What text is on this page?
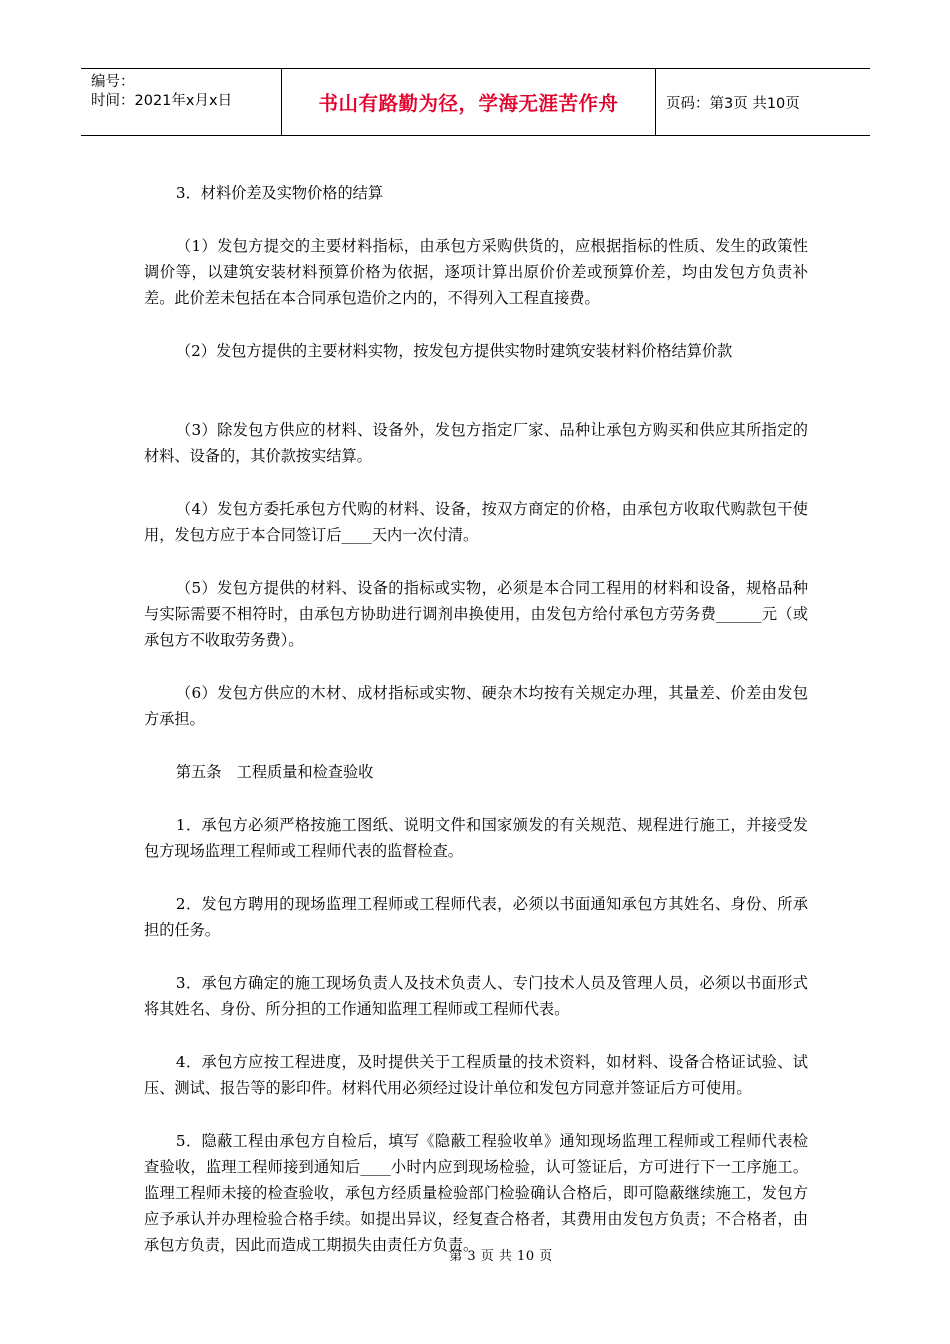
编号：
时间：2021年x月x日	书山有路勤为径，学海无涯苦作舟	页码：第3页 共10页

3．材料价差及实物价格的结算

（1）发包方提交的主要材料指标，由承包方采购供货的，应根据指标的性质、发生的政策性调价等，以建筑安装材料预算价格为依据，逐项计算出原价价差或预算价差，均由发包方负责补差。此价差未包括在本合同承包造价之内的，不得列入工程直接费。

（2）发包方提供的主要材料实物，按发包方提供实物时建筑安装材料价格结算价款

（3）除发包方供应的材料、设备外，发包方指定厂家、品种让承包方购买和供应其所指定的材料、设备的，其价款按实结算。

（4）发包方委托承包方代购的材料、设备，按双方商定的价格，由承包方收取代购款包干使用，发包方应于本合同签订后____天内一次付清。

（5）发包方提供的材料、设备的指标或实物，必须是本合同工程用的材料和设备，规格品种与实际需要不相符时，由承包方协助进行调剂串换使用，由发包方给付承包方劳务费______元（或承包方不收取劳务费）。

（6）发包方供应的木材、成材指标或实物、硬杂木均按有关规定办理，其量差、价差由发包方承担。

第五条　工程质量和检查验收

1．承包方必须严格按施工图纸、说明文件和国家颁发的有关规范、规程进行施工，并接受发包方现场监理工程师或工程师代表的监督检查。

2．发包方聘用的现场监理工程师或工程师代表，必须以书面通知承包方其姓名、身份、所承担的任务。

3．承包方确定的施工现场负责人及技术负责人、专门技术人员及管理人员，必须以书面形式将其姓名、身份、所分担的工作通知监理工程师或工程师代表。

4．承包方应按工程进度，及时提供关于工程质量的技术资料，如材料、设备合格证试验、试压、测试、报告等的影印件。材料代用必须经过设计单位和发包方同意并签证后方可使用。

5．隐蔽工程由承包方自检后，填写《隐蔽工程验收单》通知现场监理工程师或工程师代表检查验收，监理工程师接到通知后____小时内应到现场检验，认可签证后，方可进行下一工序施工。监理工程师未接的检查验收，承包方经质量检验部门检验确认合格后，即可隐蔽继续施工，发包方应予承认并办理检验合格手续。如提出异议，经复查合格者，其费用由发包方负责；不合格者，由承包方负责，因此而造成工期损失由责任方负责。

第 3 页 共 10 页
